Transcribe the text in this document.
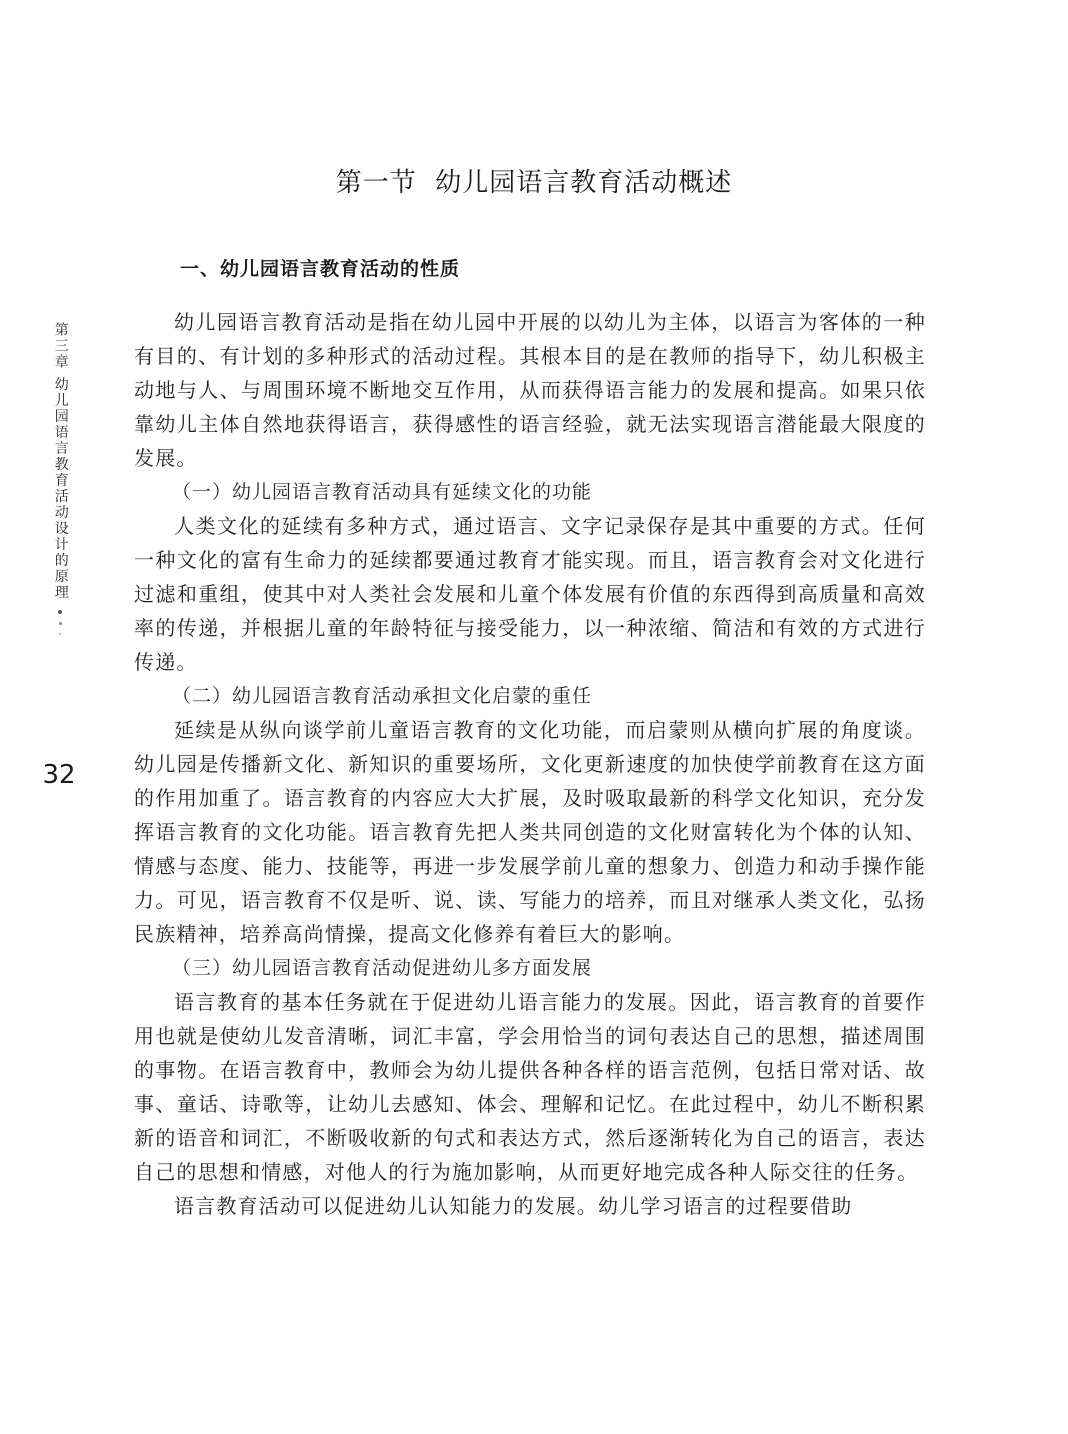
第一节  幼儿园语言教育活动概述
一、幼儿园语言教育活动的性质
第三章 幼儿园语言教育活动设计的原理
32

幼儿园语言教育活动是指在幼儿园中开展的以幼儿为主体，以语言为客体的一种有目的、有计划的多种形式的活动过程。其根本目的是在教师的指导下，幼儿积极主动地与人、与周围环境不断地交互作用，从而获得语言能力的发展和提高。如果只依靠幼儿主体自然地获得语言，获得感性的语言经验，就无法实现语言潜能最大限度的发展。

（一）幼儿园语言教育活动具有延续文化的功能

人类文化的延续有多种方式，通过语言、文字记录保存是其中重要的方式。任何一种文化的富有生命力的延续都要通过教育才能实现。而且，语言教育会对文化进行过滤和重组，使其中对人类社会发展和儿童个体发展有价值的东西得到高质量和高效率的传递，并根据儿童的年龄特征与接受能力，以一种浓缩、简洁和有效的方式进行传递。

（二）幼儿园语言教育活动承担文化启蒙的重任

延续是从纵向谈学前儿童语言教育的文化功能，而启蒙则从横向扩展的角度谈。幼儿园是传播新文化、新知识的重要场所，文化更新速度的加快使学前教育在这方面的作用加重了。语言教育的内容应大大扩展，及时吸取最新的科学文化知识，充分发挥语言教育的文化功能。语言教育先把人类共同创造的文化财富转化为个体的认知、情感与态度、能力、技能等，再进一步发展学前儿童的想象力、创造力和动手操作能力。可见，语言教育不仅是听、说、读、写能力的培养，而且对继承人类文化，弘扬民族精神，培养高尚情操，提高文化修养有着巨大的影响。

（三）幼儿园语言教育活动促进幼儿多方面发展

语言教育的基本任务就在于促进幼儿语言能力的发展。因此，语言教育的首要作用也就是使幼儿发音清晰，词汇丰富，学会用恰当的词句表达自己的思想，描述周围的事物。在语言教育中，教师会为幼儿提供各种各样的语言范例，包括日常对话、故事、童话、诗歌等，让幼儿去感知、体会、理解和记忆。在此过程中，幼儿不断积累新的语音和词汇，不断吸收新的句式和表达方式，然后逐渐转化为自己的语言，表达自己的思想和情感，对他人的行为施加影响，从而更好地完成各种人际交往的任务。

语言教育活动可以促进幼儿认知能力的发展。幼儿学习语言的过程要借助
